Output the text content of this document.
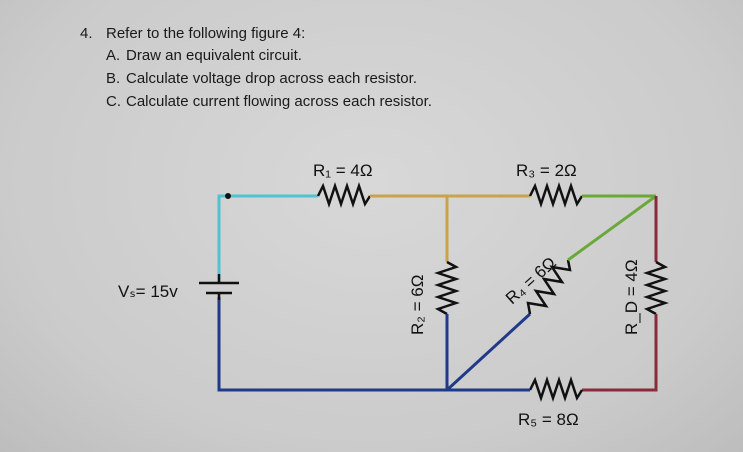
4. Refer to the following figure 4:
A. Draw an equivalent circuit.
B. Calculate voltage drop across each resistor.
C. Calculate current flowing across each resistor.
Vₛ= 15v
R₁ = 4Ω	R₃ = 2Ω
R₅ = 8Ω
R₂ = 6Ω	R_D = 4Ω
R₄ = 6Ω
